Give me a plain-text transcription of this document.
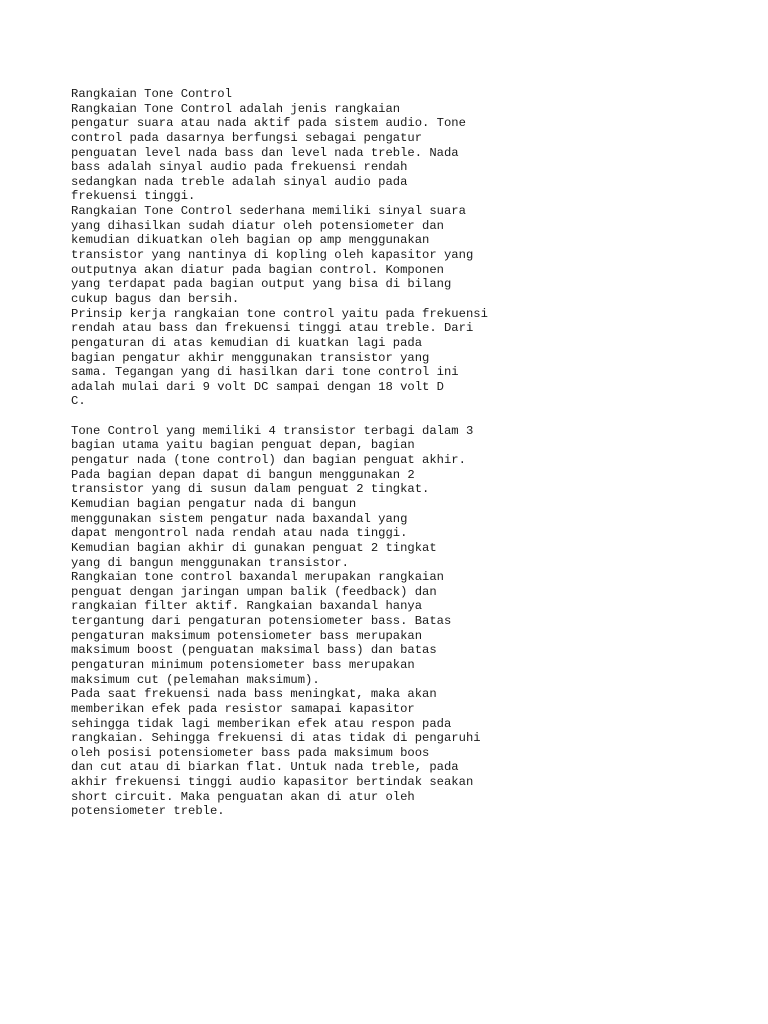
Rangkaian Tone Control
Rangkaian Tone Control adalah jenis rangkaian
pengatur suara atau nada aktif pada sistem audio. Tone
control pada dasarnya berfungsi sebagai pengatur
penguatan level nada bass dan level nada treble. Nada
bass adalah sinyal audio pada frekuensi rendah
sedangkan nada treble adalah sinyal audio pada
frekuensi tinggi.
Rangkaian Tone Control sederhana memiliki sinyal suara
yang dihasilkan sudah diatur oleh potensiometer dan
kemudian dikuatkan oleh bagian op amp menggunakan
transistor yang nantinya di kopling oleh kapasitor yang
outputnya akan diatur pada bagian control. Komponen
yang terdapat pada bagian output yang bisa di bilang
cukup bagus dan bersih.
Prinsip kerja rangkaian tone control yaitu pada frekuensi
rendah atau bass dan frekuensi tinggi atau treble. Dari
pengaturan di atas kemudian di kuatkan lagi pada
bagian pengatur akhir menggunakan transistor yang
sama. Tegangan yang di hasilkan dari tone control ini
adalah mulai dari 9 volt DC sampai dengan 18 volt D
C.
Tone Control yang memiliki 4 transistor terbagi dalam 3
bagian utama yaitu bagian penguat depan, bagian
pengatur nada (tone control) dan bagian penguat akhir.
Pada bagian depan dapat di bangun menggunakan 2
transistor yang di susun dalam penguat 2 tingkat.
Kemudian bagian pengatur nada di bangun
menggunakan sistem pengatur nada baxandal yang
dapat mengontrol nada rendah atau nada tinggi.
Kemudian bagian akhir di gunakan penguat 2 tingkat
yang di bangun menggunakan transistor.
Rangkaian tone control baxandal merupakan rangkaian
penguat dengan jaringan umpan balik (feedback) dan
rangkaian filter aktif. Rangkaian baxandal hanya
tergantung dari pengaturan potensiometer bass. Batas
pengaturan maksimum potensiometer bass merupakan
maksimum boost (penguatan maksimal bass) dan batas
pengaturan minimum potensiometer bass merupakan
maksimum cut (pelemahan maksimum).
Pada saat frekuensi nada bass meningkat, maka akan
memberikan efek pada resistor samapai kapasitor
sehingga tidak lagi memberikan efek atau respon pada
rangkaian. Sehingga frekuensi di atas tidak di pengaruhi
oleh posisi potensiometer bass pada maksimum boos
dan cut atau di biarkan flat. Untuk nada treble, pada
akhir frekuensi tinggi audio kapasitor bertindak seakan
short circuit. Maka penguatan akan di atur oleh
potensiometer treble.
